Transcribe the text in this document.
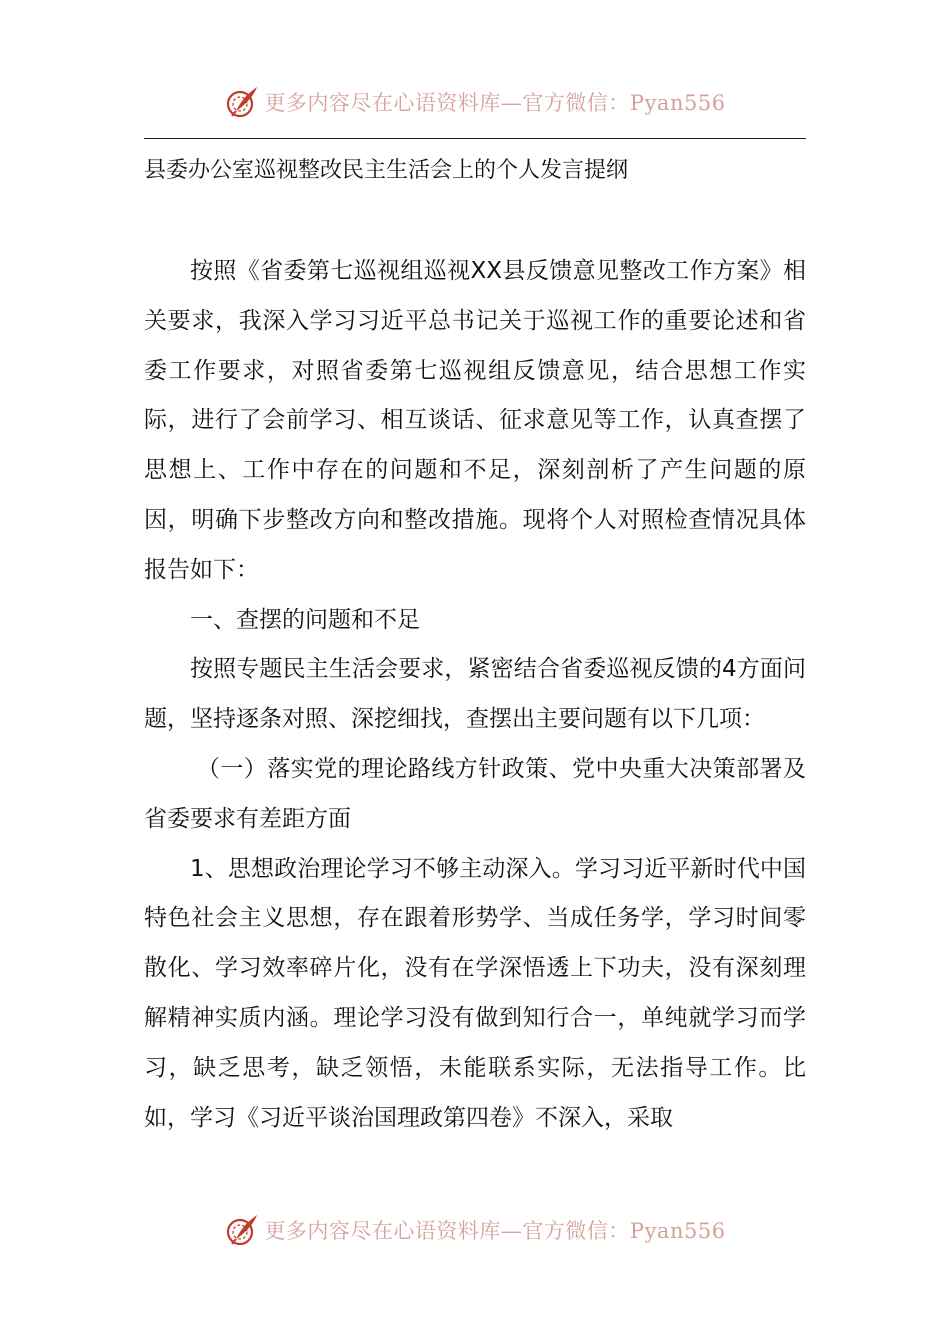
更多内容尽在心语资料库—官方微信：Pyan556
县委办公室巡视整改民主生活会上的个人发言提纲

按照《省委第七巡视组巡视XX县反馈意见整改工作方案》相关要求，我深入学习习近平总书记关于巡视工作的重要论述和省委工作要求，对照省委第七巡视组反馈意见，结合思想工作实际，进行了会前学习、相互谈话、征求意见等工作，认真查摆了思想上、工作中存在的问题和不足，深刻剖析了产生问题的原因，明确下步整改方向和整改措施。现将个人对照检查情况具体报告如下：

一、查摆的问题和不足

按照专题民主生活会要求，紧密结合省委巡视反馈的4方面问题，坚持逐条对照、深挖细找，查摆出主要问题有以下几项：

（一）落实党的理论路线方针政策、党中央重大决策部署及省委要求有差距方面

1、思想政治理论学习不够主动深入。学习习近平新时代中国特色社会主义思想，存在跟着形势学、当成任务学，学习时间零散化、学习效率碎片化，没有在学深悟透上下功夫，没有深刻理解精神实质内涵。理论学习没有做到知行合一，单纯就学习而学习，缺乏思考，缺乏领悟，未能联系实际，无法指导工作。比如，学习《习近平谈治国理政第四卷》不深入，采取

更多内容尽在心语资料库—官方微信：Pyan556
